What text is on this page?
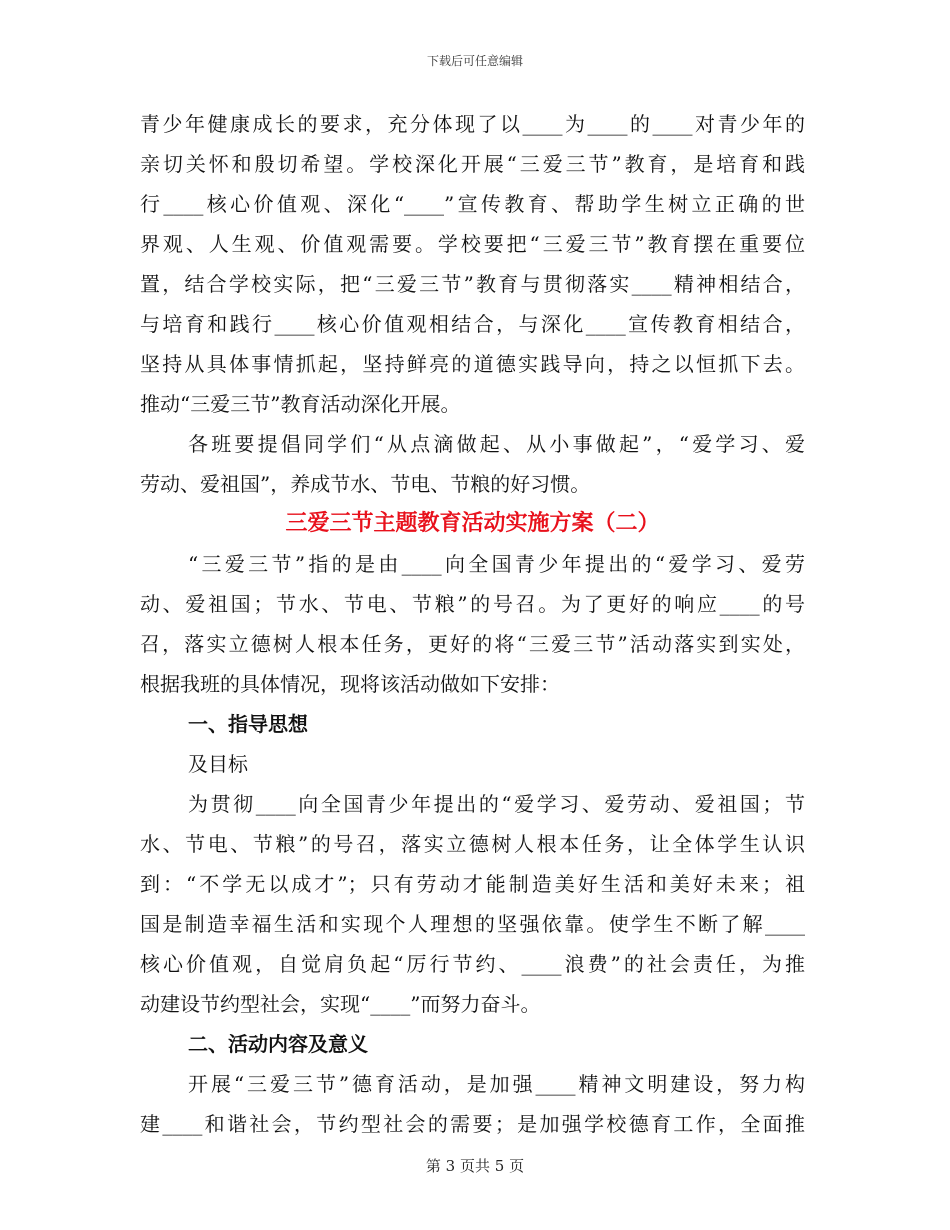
下载后可任意编辑
青少年健康成长的要求，充分体现了以____为____的____对青少年的
亲切关怀和殷切希望。学校深化开展“三爱三节”教育，是培育和践
行____核心价值观、深化“____”宣传教育、帮助学生树立正确的世
界观、人生观、价值观需要。学校要把“三爱三节”教育摆在重要位
置，结合学校实际，把“三爱三节”教育与贯彻落实____精神相结合，
与培育和践行____核心价值观相结合，与深化____宣传教育相结合，
坚持从具体事情抓起，坚持鲜亮的道德实践导向，持之以恒抓下去。
推动“三爱三节”教育活动深化开展。
各班要提倡同学们“从点滴做起、从小事做起”，“爱学习、爱
劳动、爱祖国”，养成节水、节电、节粮的好习惯。
三爱三节主题教育活动实施方案（二）
“三爱三节”指的是由____向全国青少年提出的“爱学习、爱劳
动、爱祖国；节水、节电、节粮”的号召。为了更好的响应____的号
召，落实立德树人根本任务，更好的将“三爱三节”活动落实到实处，
根据我班的具体情况，现将该活动做如下安排：
一、指导思想
及目标
为贯彻____向全国青少年提出的“爱学习、爱劳动、爱祖国；节
水、节电、节粮”的号召，落实立德树人根本任务，让全体学生认识
到：“不学无以成才”；只有劳动才能制造美好生活和美好未来；祖
国是制造幸福生活和实现个人理想的坚强依靠。使学生不断了解____
核心价值观，自觉肩负起“厉行节约、____浪费”的社会责任，为推
动建设节约型社会，实现“____”而努力奋斗。
二、活动内容及意义
开展“三爱三节”德育活动，是加强____精神文明建设，努力构
建____和谐社会，节约型社会的需要；是加强学校德育工作，全面推
第 3 页共 5 页
